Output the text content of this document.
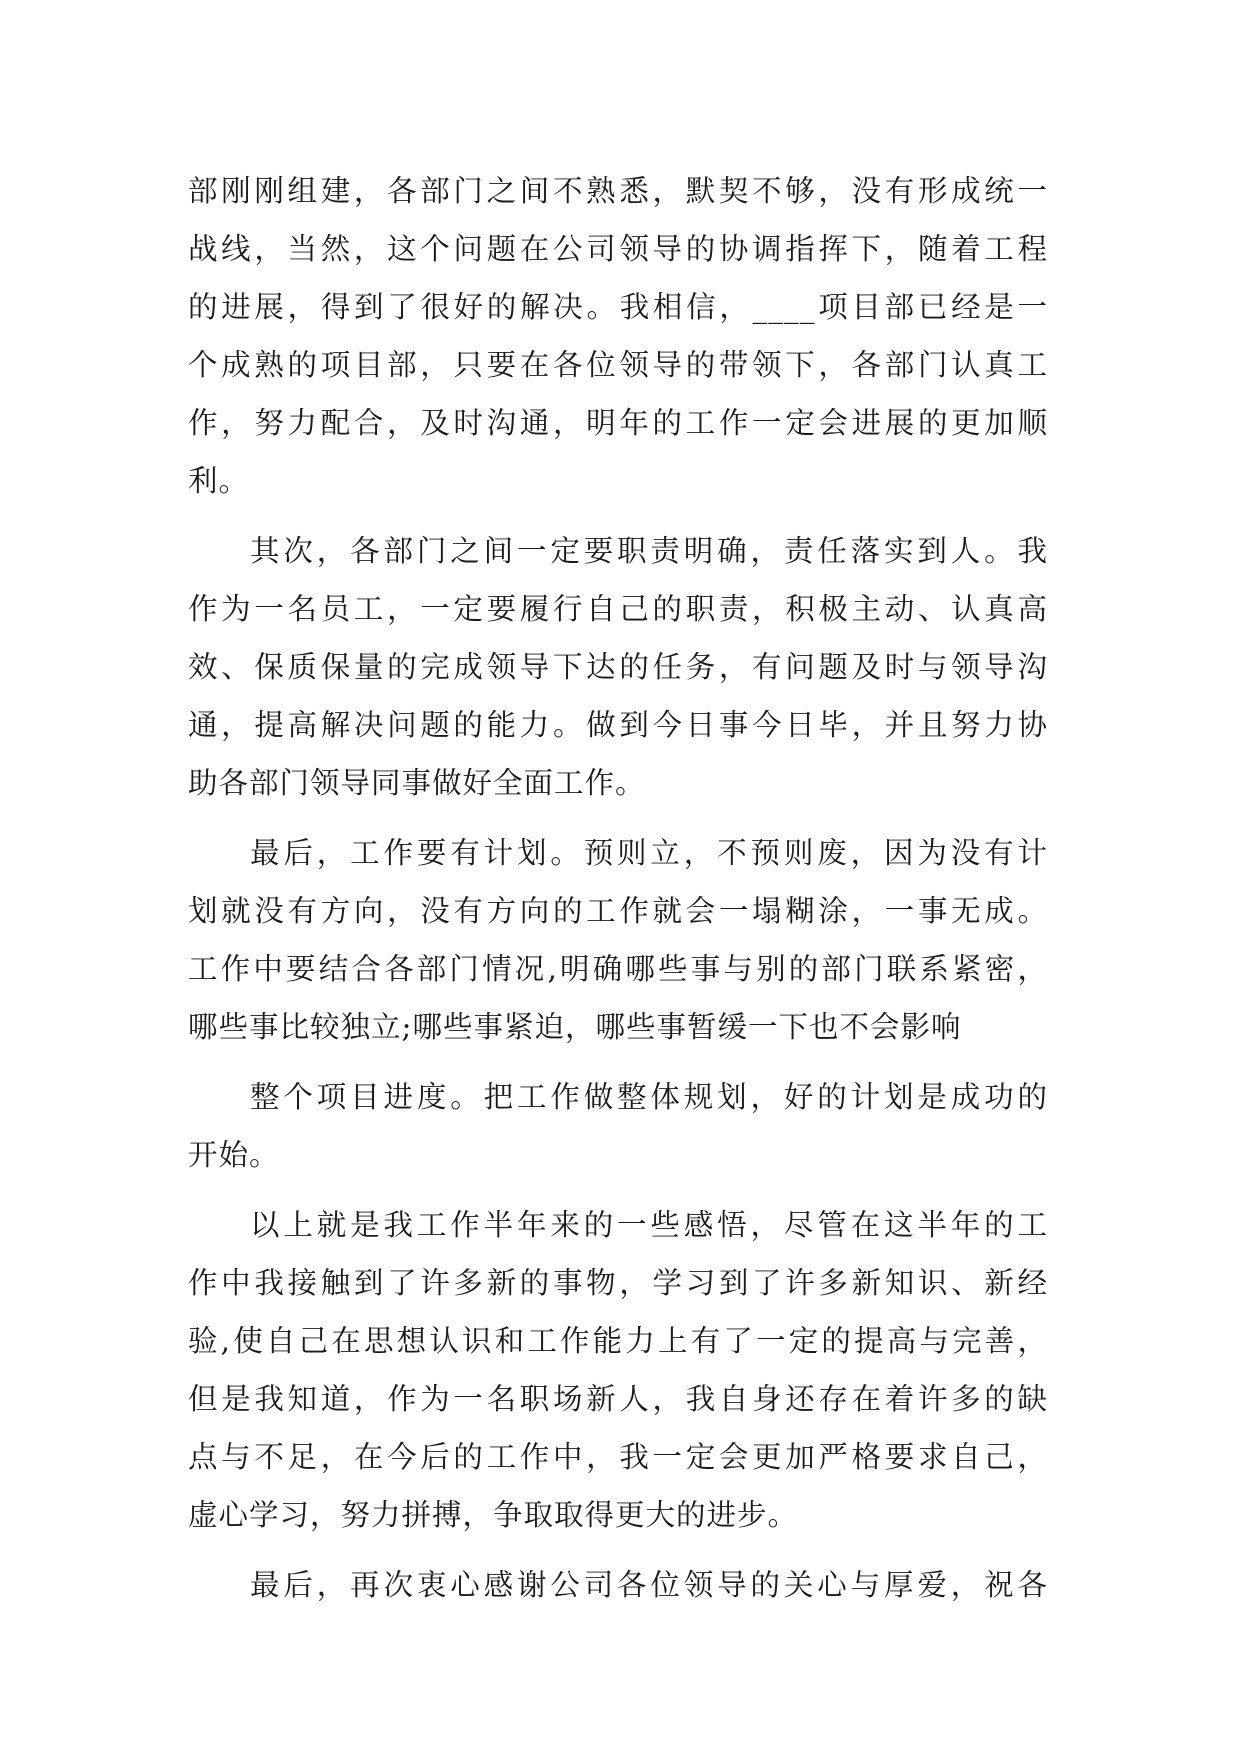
部刚刚组建，各部门之间不熟悉，默契不够，没有形成统一
战线，当然，这个问题在公司领导的协调指挥下，随着工程
的进展，得到了很好的解决。我相信，____项目部已经是一
个成熟的项目部，只要在各位领导的带领下，各部门认真工
作，努力配合，及时沟通，明年的工作一定会进展的更加顺
利。
其次，各部门之间一定要职责明确，责任落实到人。我
作为一名员工，一定要履行自己的职责，积极主动、认真高
效、保质保量的完成领导下达的任务，有问题及时与领导沟
通，提高解决问题的能力。做到今日事今日毕，并且努力协
助各部门领导同事做好全面工作。
最后，工作要有计划。预则立，不预则废，因为没有计
划就没有方向，没有方向的工作就会一塌糊涂，一事无成。
工作中要结合各部门情况,明确哪些事与别的部门联系紧密，
哪些事比较独立;哪些事紧迫，哪些事暂缓一下也不会影响
整个项目进度。把工作做整体规划，好的计划是成功的
开始。
以上就是我工作半年来的一些感悟，尽管在这半年的工
作中我接触到了许多新的事物，学习到了许多新知识、新经
验,使自己在思想认识和工作能力上有了一定的提高与完善，
但是我知道，作为一名职场新人，我自身还存在着许多的缺
点与不足，在今后的工作中，我一定会更加严格要求自己，
虚心学习，努力拼搏，争取取得更大的进步。
最后，再次衷心感谢公司各位领导的关心与厚爱，祝各
